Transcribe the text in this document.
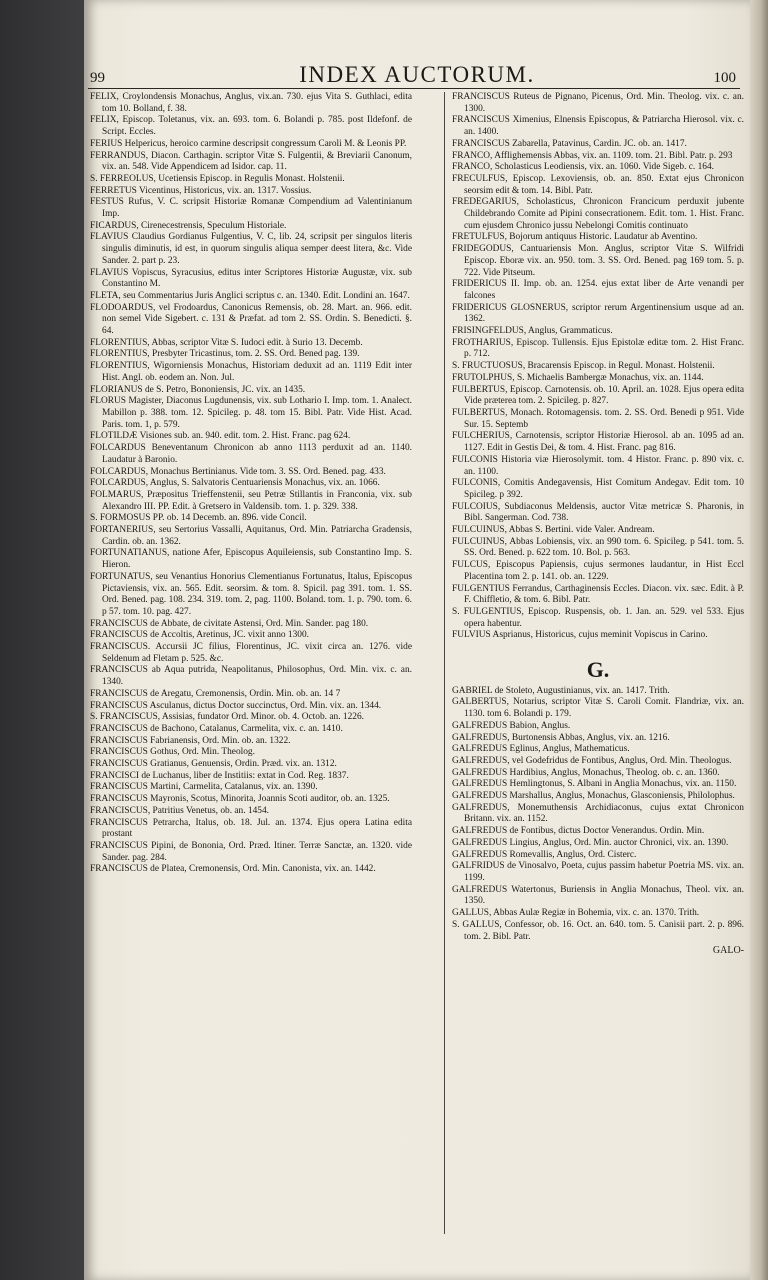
99	INDEX AUCTORUM.	100

FELIX, Croylondensis Monachus, Anglus, vix.an. 730. ejus Vita S. Guthlaci, edita tom 10. Bolland, f. 38.

FELIX, Episcop. Toletanus, vix. an. 693. tom. 6. Bolandi p. 785. post Ildefonf. de Script. Eccles.

FERIUS Helpericus, heroico carmine descripsit congressum Caroli M. & Leonis PP.

FERRANDUS, Diacon. Carthagin. scriptor Vitæ S. Fulgentii, & Breviarii Canonum, vix. an. 548. Vide Appendicem ad Isidor. cap. 11.

S. FERREOLUS, Ucetiensis Episcop. in Regulis Monast. Holstenii.

FERRETUS Vicentinus, Historicus, vix. an. 1317. Vossius.

FESTUS Rufus, V. C. scripsit Historiæ Romanæ Compendium ad Valentinianum Imp.

FICARDUS, Cirenecestrensis, Speculum Historiale.

FLAVIUS Claudius Gordianus Fulgentius, V. C, lib. 24, scripsit per singulos literis singulis diminutis, id est, in quorum singulis aliqua semper deest litera, &c. Vide Sander. 2. part p. 23.

FLAVIUS Vopiscus, Syracusius, editus inter Scriptores Historiæ Augustæ, vix. sub Constantino M.

FLETA, seu Commentarius Juris Anglici scriptus c. an. 1340. Edit. Londini an. 1647.

FLODOARDUS, vel Frodoardus, Canonicus Remensis, ob. 28. Mart. an. 966. edit. non semel Vide Sigebert. c. 131 & Præfat. ad tom 2. SS. Ordin. S. Benedicti. §. 64.

FLORENTIUS, Abbas, scriptor Vitæ S. Iudoci edit. à Surio 13. Decemb.

FLORENTIUS, Presbyter Tricastinus, tom. 2. SS. Ord. Bened pag. 139.

FLORENTIUS, Wigorniensis Monachus, Historiam deduxit ad an. 1119 Edit inter Hist. Angl. ob. eodem an. Non. Jul.

FLORIANUS de S. Petro, Bononiensis, JC. vix. an 1435.

FLORUS Magister, Diaconus Lugdunensis, vix. sub Lothario I. Imp. tom. 1. Analect. Mabillon p. 388. tom. 12. Spicileg. p. 48. tom 15. Bibl. Patr. Vide Hist. Acad. Paris. tom. 1, p. 579.

FLOTILDÆ Visiones sub. an. 940. edit. tom. 2. Hist. Franc. pag 624.

FOLCARDUS Beneventanum Chronicon ab anno 1113 perduxit ad an. 1140. Laudatur à Baronio.

FOLCARDUS, Monachus Bertinianus. Vide tom. 3. SS. Ord. Bened. pag. 433.

FOLCARDUS, Anglus, S. Salvatoris Centuariensis Monachus, vix. an. 1066.

FOLMARUS, Præpositus Trieffenstenii, seu Petræ Stillantis in Franconia, vix. sub Alexandro III. PP. Edit. à Gretsero in Valdensib. tom. 1. p. 329. 338.

S. FORMOSUS PP. ob. 14 Decemb. an. 896. vide Concil.

FORTANERIUS, seu Sertorius Vassalli, Aquitanus, Ord. Min. Patriarcha Gradensis, Cardin. ob. an. 1362.

FORTUNATIANUS, natione Afer, Episcopus Aquileiensis, sub Constantino Imp. S. Hieron.

FORTUNATUS, seu Venantius Honorius Clementianus Fortunatus, Italus, Episcopus Pictaviensis, vix. an. 565. Edit. seorsim. & tom. 8. Spicil. pag 391. tom. 1. SS. Ord. Bened. pag. 108. 234. 319. tom. 2, pag. 1100. Boland. tom. 1. p. 790. tom. 6. p 57. tom. 10. pag. 427.

FRANCISCUS de Abbate, de civitate Astensi, Ord. Min. Sander. pag 180.

FRANCISCUS de Accoltis, Aretinus, JC. vixit anno 1300.

FRANCISCUS. Accursii JC filius, Florentinus, JC. vixit circa an. 1276. vide Seldenum ad Fletam p. 525. &c.

FRANCISCUS ab Aqua putrida, Neapolitanus, Philosophus, Ord. Min. vix. c. an. 1340.

FRANCISCUS de Aregatu, Cremonensis, Ordin. Min. ob. an. 14 7

FRANCISCUS Asculanus, dictus Doctor succinctus, Ord. Min. vix. an. 1344.

S. FRANCISCUS, Assisias, fundator Ord. Minor. ob. 4. Octob. an. 1226.

FRANCISCUS de Bachono, Catalanus, Carmelita, vix. c. an. 1410.

FRANCISCUS Fabrianensis, Ord. Min. ob. an. 1322.

FRANCISCUS Gothus, Ord. Min. Theolog.

FRANCISCUS Gratianus, Genuensis, Ordin. Præd. vix. an. 1312.

FRANCISCI de Luchanus, liber de Institiis: extat in Cod. Reg. 1837.

FRANCISCUS Martini, Carmelita, Catalanus, vix. an. 1390.

FRANCISCUS Mayronis, Scotus, Minorita, Joannis Scoti auditor, ob. an. 1325.

FRANCISCUS, Patritius Venetus, ob. an. 1454.

FRANCISCUS Petrarcha, Italus, ob. 18. Jul. an. 1374. Ejus opera Latina edita prostant

FRANCISCUS Pipini, de Bononia, Ord. Præd. Itiner. Terræ Sanctæ, an. 1320. vide Sander. pag. 284.

FRANCISCUS de Platea, Cremonensis, Ord. Min. Canonista, vix. an. 1442.

FRANCISCUS Ruteus de Pignano, Picenus, Ord. Min. Theolog. vix. c. an. 1300.

FRANCISCUS Ximenius, Elnensis Episcopus, & Patriarcha Hierosol. vix. c. an. 1400.

FRANCISCUS Zabarella, Patavinus, Cardin. JC. ob. an. 1417.

FRANCO, Afflighemensis Abbas, vix. an. 1109. tom. 21. Bibl. Patr. p. 293

FRANCO, Scholasticus Leodiensis, vix. an. 1060. Vide Sigeb. c. 164.

FRECULFUS, Episcop. Lexoviensis, ob. an. 850. Extat ejus Chronicon seorsim edit & tom. 14. Bibl. Patr.

FREDEGARIUS, Scholasticus, Chronicon Francicum perduxit jubente Childebrando Comite ad Pipini consecrationem. Edit. tom. 1. Hist. Franc. cum ejusdem Chronico jussu Nebelongi Comitis continuato

FRETULFUS, Bojorum antiquus Historic. Laudatur ab Aventino.

FRIDEGODUS, Cantuariensis Mon. Anglus, scriptor Vitæ S. Wilfridi Episcop. Eboræ vix. an. 950. tom. 3. SS. Ord. Bened. pag 169 tom. 5. p. 722. Vide Pitseum.

FRIDERICUS II. Imp. ob. an. 1254. ejus extat liber de Arte venandi per falcones

FRIDERICUS GLOSNERUS, scriptor rerum Argentinensium usque ad an. 1362.

FRISINGFELDUS, Anglus, Grammaticus.

FROTHARIUS, Episcop. Tullensis. Ejus Epistolæ editæ tom. 2. Hist Franc. p. 712.

S. FRUCTUOSUS, Bracarensis Episcop. in Regul. Monast. Holstenii.

FRUTOLPHUS, S. Michaelis Bambergæ Monachus, vix. an. 1144.

FULBERTUS, Episcop. Carnotensis. ob. 10. April. an. 1028. Ejus opera edita Vide præterea tom. 2. Spicileg. p. 827.

FULBERTUS, Monach. Rotomagensis. tom. 2. SS. Ord. Benedi p 951. Vide Sur. 15. Septemb

FULCHERIUS, Carnotensis, scriptor Historiæ Hierosol. ab an. 1095 ad an. 1127. Edit in Gestis Dei, & tom. 4. Hist. Franc. pag 816.

FULCONIS Historia viæ Hierosolymit. tom. 4 Histor. Franc. p. 890 vix. c. an. 1100.

FULCONIS, Comitis Andegavensis, Hist Comitum Andegav. Edit tom. 10 Spicileg. p 392.

FULCOIUS, Subdiaconus Meldensis, auctor Vitæ metricæ S. Pharonis, in Bibl. Sangerman. Cod. 738.

FULCUINUS, Abbas S. Bertini. vide Valer. Andream.

FULCUINUS, Abbas Lobiensis, vix. an 990 tom. 6. Spicileg. p 541. tom. 5. SS. Ord. Bened. p. 622 tom. 10. Bol. p. 563.

FULCUS, Episcopus Papiensis, cujus sermones laudantur, in Hist Eccl Placentina tom 2. p. 141. ob. an. 1229.

FULGENTIUS Ferrandus, Carthaginensis Eccles. Diacon. vix. sæc. Edit. à P. F. Chiffletio, & tom. 6. Bibl. Patr.

S. FULGENTIUS, Episcop. Ruspensis, ob. 1. Jan. an. 529. vel 533. Ejus opera habentur.

FULVIUS Asprianus, Historicus, cujus meminit Vopiscus in Carino.

G.

GABRIEL de Stoleto, Augustinianus, vix. an. 1417. Trith.

GALBERTUS, Notarius, scriptor Vitæ S. Caroli Comit. Flandriæ, vix. an. 1130. tom 6. Bolandi p. 179.

GALFREDUS Babion, Anglus.

GALFREDUS, Burtonensis Abbas, Anglus, vix. an. 1216.

GALFREDUS Eglinus, Anglus, Mathematicus.

GALFREDUS, vel Godefridus de Fontibus, Anglus, Ord. Min. Theologus.

GALFREDUS Hardibius, Anglus, Monachus, Theolog. ob. c. an. 1360.

GALFREDUS Hemlingtonus, S. Albani in Anglia Monachus, vix. an. 1150.

GALFREDUS Marshallus, Anglus, Monachus, Glasconiensis, Philolophus.

GALFREDUS, Monemuthensis Archidiaconus, cujus extat Chronicon Britann. vix. an. 1152.

GALFREDUS de Fontibus, dictus Doctor Venerandus. Ordin. Min.

GALFREDUS Lingius, Anglus, Ord. Min. auctor Chronici, vix. an. 1390.

GALFREDUS Romevallis, Anglus, Ord. Cisterc.

GALFRIDUS de Vinosalvo, Poeta, cujus passim habetur Poetria MS. vix. an. 1199.

GALFREDUS Watertonus, Buriensis in Anglia Monachus, Theol. vix. an. 1350.

GALLUS, Abbas Aulæ Regiæ in Bohemia, vix. c. an. 1370. Trith.

S. GALLUS, Confessor, ob. 16. Oct. an. 640. tom. 5. Canisii part. 2. p. 896. tom. 2. Bibl. Patr.

GALO-
